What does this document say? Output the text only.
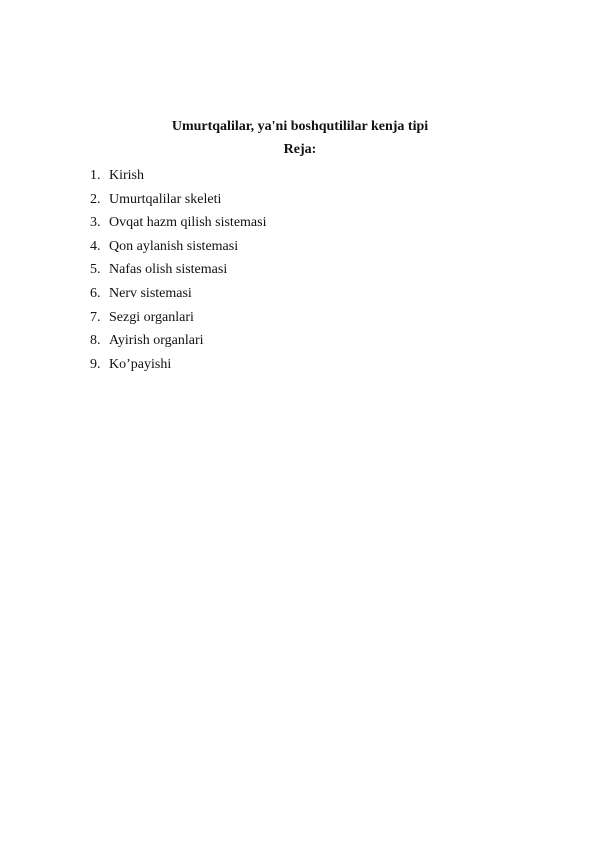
Umurtqalilar, ya'ni boshqutililar kenja tipi
Reja:
1. Kirish
2. Umurtqalilar skeleti
3. Ovqat hazm qilish sistemasi
4. Qon aylanish sistemasi
5. Nafas olish sistemasi
6. Nerv sistemasi
7. Sezgi organlari
8. Ayirish organlari
9. Ko’payishi
